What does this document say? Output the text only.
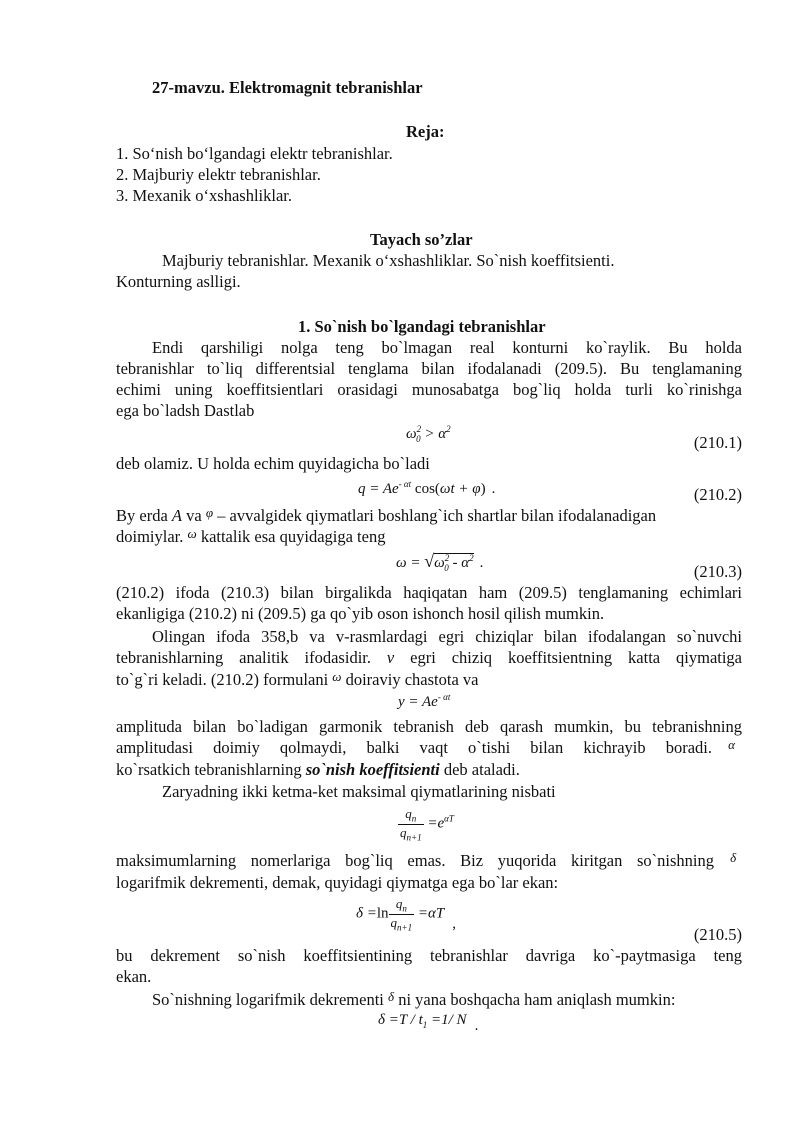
27-mavzu. Elektromagnit tebranishlar
Reja:
1. So‘nish bo‘lgandagi elektr tebranishlar.
2. Majburiy elektr tebranishlar.
3. Mexanik o‘xshashliklar.
Tayach so’zlar
Majburiy tebranishlar. Mexanik o‘xshashliklar. So`nish koeffitsienti.
Konturning aslligi.
1. So`nish bo`lgandagi tebranishlar
Endi qarshiligi nolga teng bo`lmagan real konturni ko`raylik. Bu holda
tebranishlar to`liq differentsial tenglama bilan ifodalanadi (209.5). Bu tenglamaning
echimi uning koeffitsientlari orasidagi munosabatga bog`liq holda turli ko`rinishga
ega bo`ladsh Dastlab
$\omega^2_0 > \alpha^2$
(210.1)
deb olamiz. U holda echim quyidagicha bo`ladi
$q = Ae^{- \alpha t}$ cos(ωt + φ) .	(210.2)
By erda A va $^\varphi$ – avvalgidek qiymatlari boshlang`ich shartlar bilan ifodalanadigan
doimiylar. $^\omega$ kattalik esa quyidagiga teng
$\omega = √\omega^2_0 - \alpha^2$ .	(210.3)
(210.2) ifoda (210.3) bilan birgalikda haqiqatan ham (209.5) tenglamaning echimlari
ekanligiga (210.2) ni (209.5) ga qo`yib oson ishonch hosil qilish mumkin.
Olingan ifoda 358,b va v-rasmlardagi egri chiziqlar bilan ifodalangan so`nuvchi
tebranishlarning analitik ifodasidir. v egri chiziq koeffitsientning katta qiymatiga
to`g`ri keladi. (210.2) formulani $^\omega$ doiraviy chastota va
$y = Ae^{- \alpha t}$
amplituda bilan bo`ladigan garmonik tebranish deb qarash mumkin, bu tebranishning
amplitudasi doimiy qolmaydi, balki vaqt o`tishi bilan kichrayib boradi. $^\alpha$
ko`rsatkich tebranishlarning so`nish koeffitsienti deb ataladi.
Zaryadning ikki ketma-ket maksimal qiymatlarining nisbati
$\frac{q_n}{q_{n+1}} =e^{\alpha T}$
maksimumlarning nomerlariga bog`liq emas. Biz yuqorida kiritgan so`nishning $^\delta$
logarifmik dekrementi, demak, quyidagi qiymatga ega bo`lar ekan:
$\delta =\ln \frac{q_n}{q_{n+1}} =\alpha T$,
(210.5)
bu dekrement so`nish koeffitsientining tebranishlar davriga ko`-paytmasiga teng
ekan.
So`nishning logarifmik dekrementi $^\delta$ ni yana boshqacha ham aniqlash mumkin:
$\delta =T / t_1 =1/$ N .
